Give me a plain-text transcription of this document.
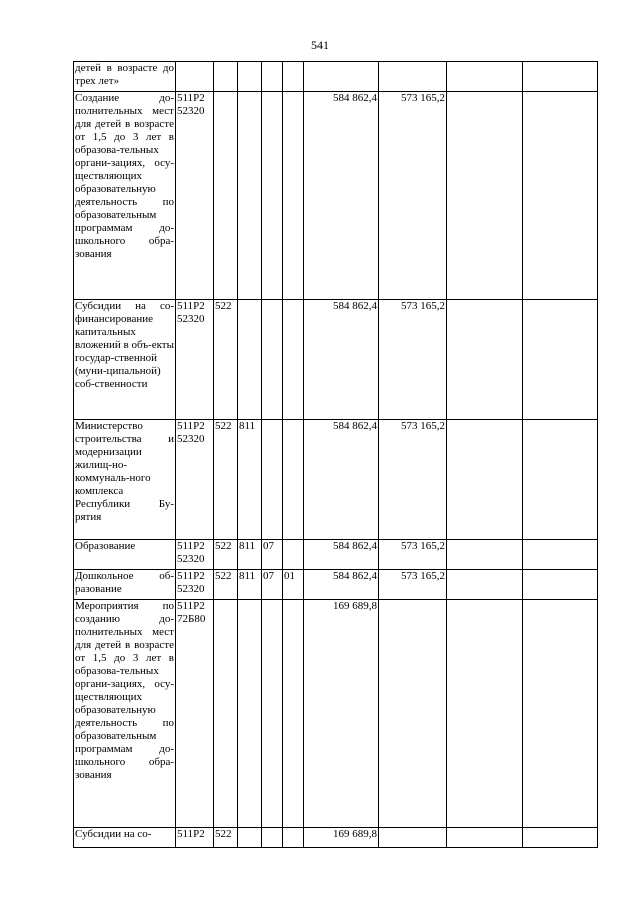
541
детей в возрасте до трех лет»									
Создание до-полнительных мест для детей в возрасте от 1,5 до 3 лет в образова-тельных органи-зациях, осу-ществляющих образовательную деятельность по образовательным программам до-школьного обра-зования	511P2 52320					584 862,4	573 165,2		
Субсидии на со-финансирование капитальных вложений в объ-екты государ-ственной (муни-ципальной) соб-ственности	511P2 52320	522				584 862,4	573 165,2		
Министерство строительства и модернизации жилищ-но-коммуналь-ного комплекса Республики Бу-рятия	511P2 52320	522	811			584 862,4	573 165,2		
Образование	511P2 52320	522	811	07		584 862,4	573 165,2		
Дошкольное об-разование	511P2 52320	522	811	07	01	584 862,4	573 165,2		
Мероприятия по созданию до-полнительных мест для детей в возрасте от 1,5 до 3 лет в образова-тельных органи-зациях, осу-ществляющих образовательную деятельность по образовательным программам до-школьного обра-зования	511P2 72Б80					169 689,8			
Субсидии на со-	511P2	522				169 689,8			
